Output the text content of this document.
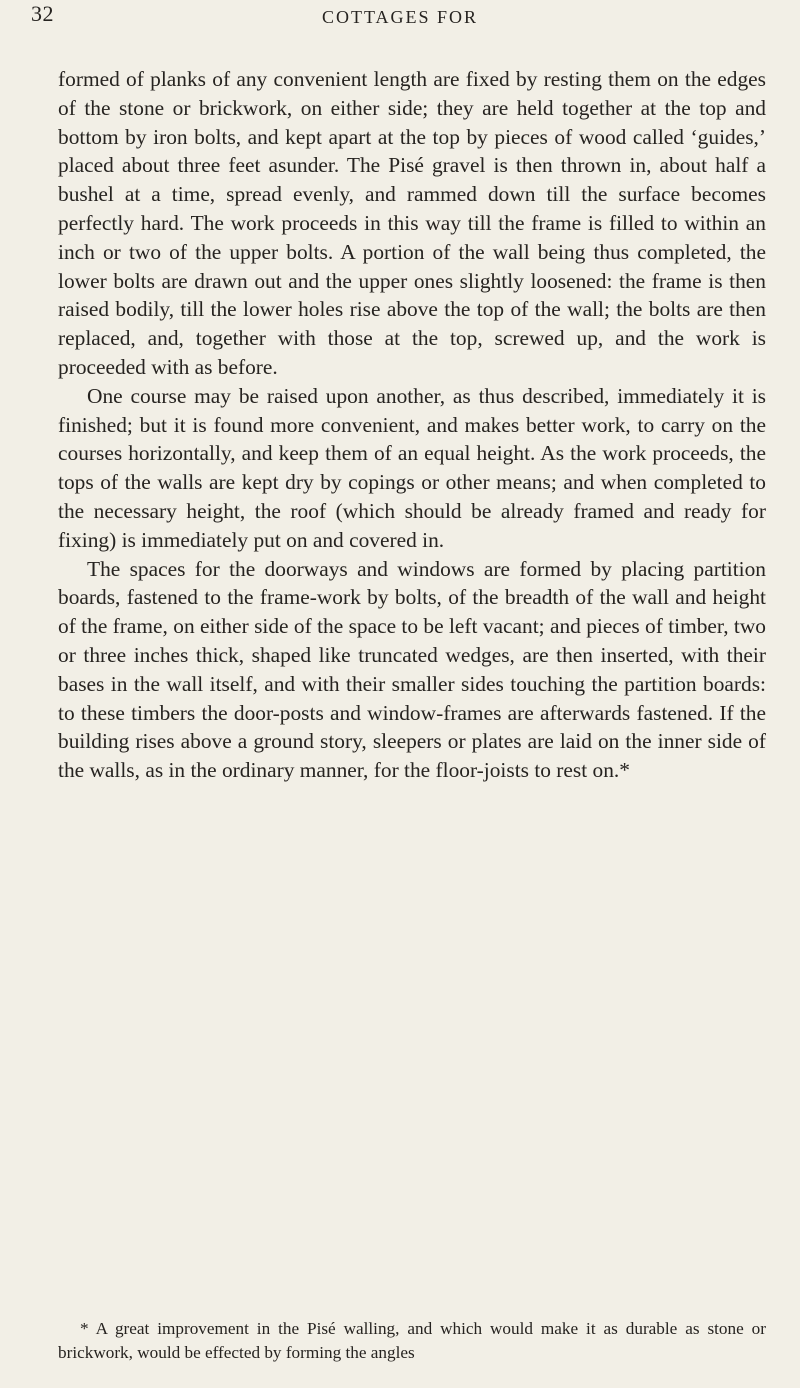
32	COTTAGES FOR

formed of planks of any convenient length are fixed by resting them on the edges of the stone or brickwork, on either side; they are held together at the top and bottom by iron bolts, and kept apart at the top by pieces of wood called ‘guides,’ placed about three feet asunder. The Pisé gravel is then thrown in, about half a bushel at a time, spread evenly, and rammed down till the surface becomes perfectly hard. The work proceeds in this way till the frame is filled to within an inch or two of the upper bolts. A portion of the wall being thus completed, the lower bolts are drawn out and the upper ones slightly loosened: the frame is then raised bodily, till the lower holes rise above the top of the wall; the bolts are then replaced, and, together with those at the top, screwed up, and the work is proceeded with as before.

One course may be raised upon another, as thus described, immediately it is finished; but it is found more convenient, and makes better work, to carry on the courses horizontally, and keep them of an equal height. As the work proceeds, the tops of the walls are kept dry by copings or other means; and when completed to the necessary height, the roof (which should be already framed and ready for fixing) is immediately put on and covered in.

The spaces for the doorways and windows are formed by placing partition boards, fastened to the frame-work by bolts, of the breadth of the wall and height of the frame, on either side of the space to be left vacant; and pieces of timber, two or three inches thick, shaped like truncated wedges, are then inserted, with their bases in the wall itself, and with their smaller sides touching the partition boards: to these timbers the door-posts and window-frames are afterwards fastened. If the building rises above a ground story, sleepers or plates are laid on the inner side of the walls, as in the ordinary manner, for the floor-joists to rest on.*

* A great improvement in the Pisé walling, and which would make it as durable as stone or brickwork, would be effected by forming the angles
